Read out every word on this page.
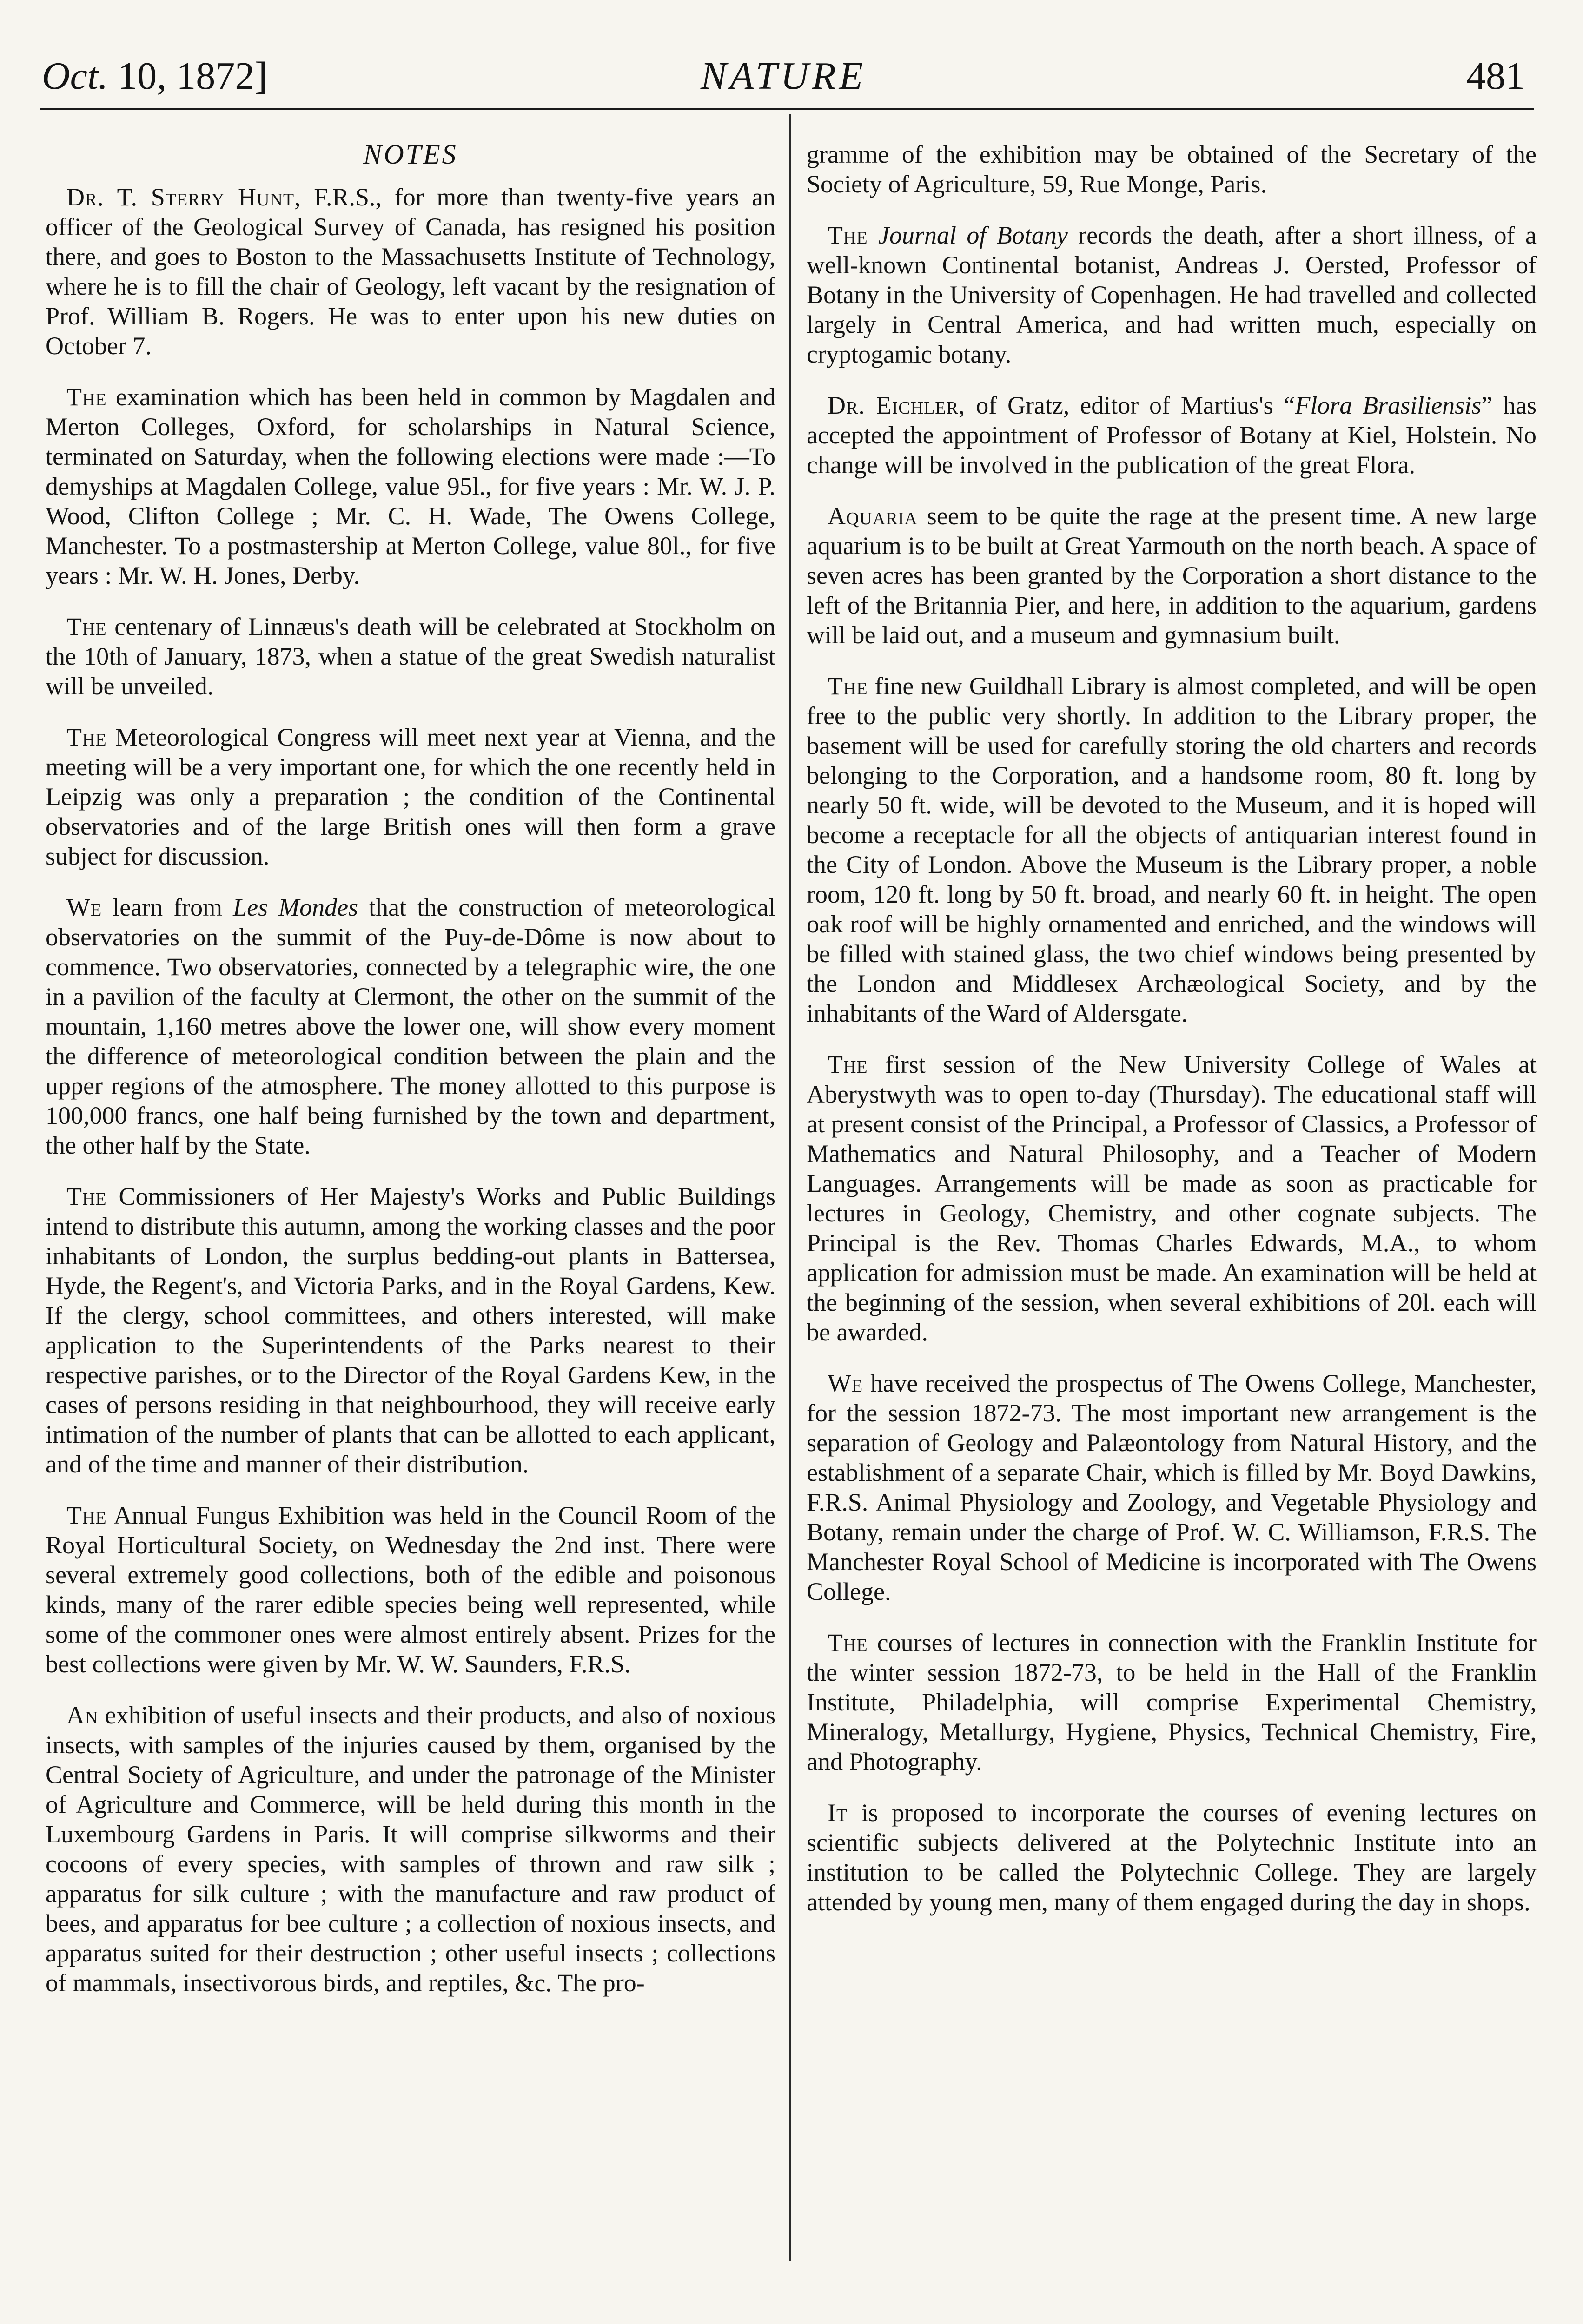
Oct. 10, 1872]	NATURE	481
NOTES

Dr. T. Sterry Hunt, F.R.S., for more than twenty-five years an officer of the Geological Survey of Canada, has resigned his position there, and goes to Boston to the Massachusetts Institute of Technology, where he is to fill the chair of Geology, left vacant by the resignation of Prof. William B. Rogers. He was to enter upon his new duties on October 7.

The examination which has been held in common by Magdalen and Merton Colleges, Oxford, for scholarships in Natural Science, terminated on Saturday, when the following elections were made :—To demyships at Magdalen College, value 95l., for five years : Mr. W. J. P. Wood, Clifton College ; Mr. C. H. Wade, The Owens College, Manchester. To a postmastership at Merton College, value 80l., for five years : Mr. W. H. Jones, Derby.

The centenary of Linnæus's death will be celebrated at Stockholm on the 10th of January, 1873, when a statue of the great Swedish naturalist will be unveiled.

The Meteorological Congress will meet next year at Vienna, and the meeting will be a very important one, for which the one recently held in Leipzig was only a preparation ; the condition of the Continental observatories and of the large British ones will then form a grave subject for discussion.

We learn from Les Mondes that the construction of meteorological observatories on the summit of the Puy-de-Dôme is now about to commence. Two observatories, connected by a telegraphic wire, the one in a pavilion of the faculty at Clermont, the other on the summit of the mountain, 1,160 metres above the lower one, will show every moment the difference of meteorological condition between the plain and the upper regions of the atmosphere. The money allotted to this purpose is 100,000 francs, one half being furnished by the town and department, the other half by the State.

The Commissioners of Her Majesty's Works and Public Buildings intend to distribute this autumn, among the working classes and the poor inhabitants of London, the surplus bedding-out plants in Battersea, Hyde, the Regent's, and Victoria Parks, and in the Royal Gardens, Kew. If the clergy, school committees, and others interested, will make application to the Superintendents of the Parks nearest to their respective parishes, or to the Director of the Royal Gardens Kew, in the cases of persons residing in that neighbourhood, they will receive early intimation of the number of plants that can be allotted to each applicant, and of the time and manner of their distribution.

The Annual Fungus Exhibition was held in the Council Room of the Royal Horticultural Society, on Wednesday the 2nd inst. There were several extremely good collections, both of the edible and poisonous kinds, many of the rarer edible species being well represented, while some of the commoner ones were almost entirely absent. Prizes for the best collections were given by Mr. W. W. Saunders, F.R.S.

An exhibition of useful insects and their products, and also of noxious insects, with samples of the injuries caused by them, organised by the Central Society of Agriculture, and under the patronage of the Minister of Agriculture and Commerce, will be held during this month in the Luxembourg Gardens in Paris. It will comprise silkworms and their cocoons of every species, with samples of thrown and raw silk ; apparatus for silk culture ; with the manufacture and raw product of bees, and apparatus for bee culture ; a collection of noxious insects, and apparatus suited for their destruction ; other useful insects ; collections of mammals, insectivorous birds, and reptiles, &c. The pro-

gramme of the exhibition may be obtained of the Secretary of the Society of Agriculture, 59, Rue Monge, Paris.

The Journal of Botany records the death, after a short illness, of a well-known Continental botanist, Andreas J. Oersted, Professor of Botany in the University of Copenhagen. He had travelled and collected largely in Central America, and had written much, especially on cryptogamic botany.

Dr. Eichler, of Gratz, editor of Martius's “Flora Brasiliensis” has accepted the appointment of Professor of Botany at Kiel, Holstein. No change will be involved in the publication of the great Flora.

Aquaria seem to be quite the rage at the present time. A new large aquarium is to be built at Great Yarmouth on the north beach. A space of seven acres has been granted by the Corporation a short distance to the left of the Britannia Pier, and here, in addition to the aquarium, gardens will be laid out, and a museum and gymnasium built.

The fine new Guildhall Library is almost completed, and will be open free to the public very shortly. In addition to the Library proper, the basement will be used for carefully storing the old charters and records belonging to the Corporation, and a handsome room, 80 ft. long by nearly 50 ft. wide, will be devoted to the Museum, and it is hoped will become a receptacle for all the objects of antiquarian interest found in the City of London. Above the Museum is the Library proper, a noble room, 120 ft. long by 50 ft. broad, and nearly 60 ft. in height. The open oak roof will be highly ornamented and enriched, and the windows will be filled with stained glass, the two chief windows being presented by the London and Middlesex Archæological Society, and by the inhabitants of the Ward of Aldersgate.

The first session of the New University College of Wales at Aberystwyth was to open to-day (Thursday). The educational staff will at present consist of the Principal, a Professor of Classics, a Professor of Mathematics and Natural Philosophy, and a Teacher of Modern Languages. Arrangements will be made as soon as practicable for lectures in Geology, Chemistry, and other cognate subjects. The Principal is the Rev. Thomas Charles Edwards, M.A., to whom application for admission must be made. An examination will be held at the beginning of the session, when several exhibitions of 20l. each will be awarded.

We have received the prospectus of The Owens College, Manchester, for the session 1872-73. The most important new arrangement is the separation of Geology and Palæontology from Natural History, and the establishment of a separate Chair, which is filled by Mr. Boyd Dawkins, F.R.S. Animal Physiology and Zoology, and Vegetable Physiology and Botany, remain under the charge of Prof. W. C. Williamson, F.R.S. The Manchester Royal School of Medicine is incorporated with The Owens College.

The courses of lectures in connection with the Franklin Institute for the winter session 1872-73, to be held in the Hall of the Franklin Institute, Philadelphia, will comprise Experimental Chemistry, Mineralogy, Metallurgy, Hygiene, Physics, Technical Chemistry, Fire, and Photography.

It is proposed to incorporate the courses of evening lectures on scientific subjects delivered at the Polytechnic Institute into an institution to be called the Polytechnic College. They are largely attended by young men, many of them engaged during the day in shops.
